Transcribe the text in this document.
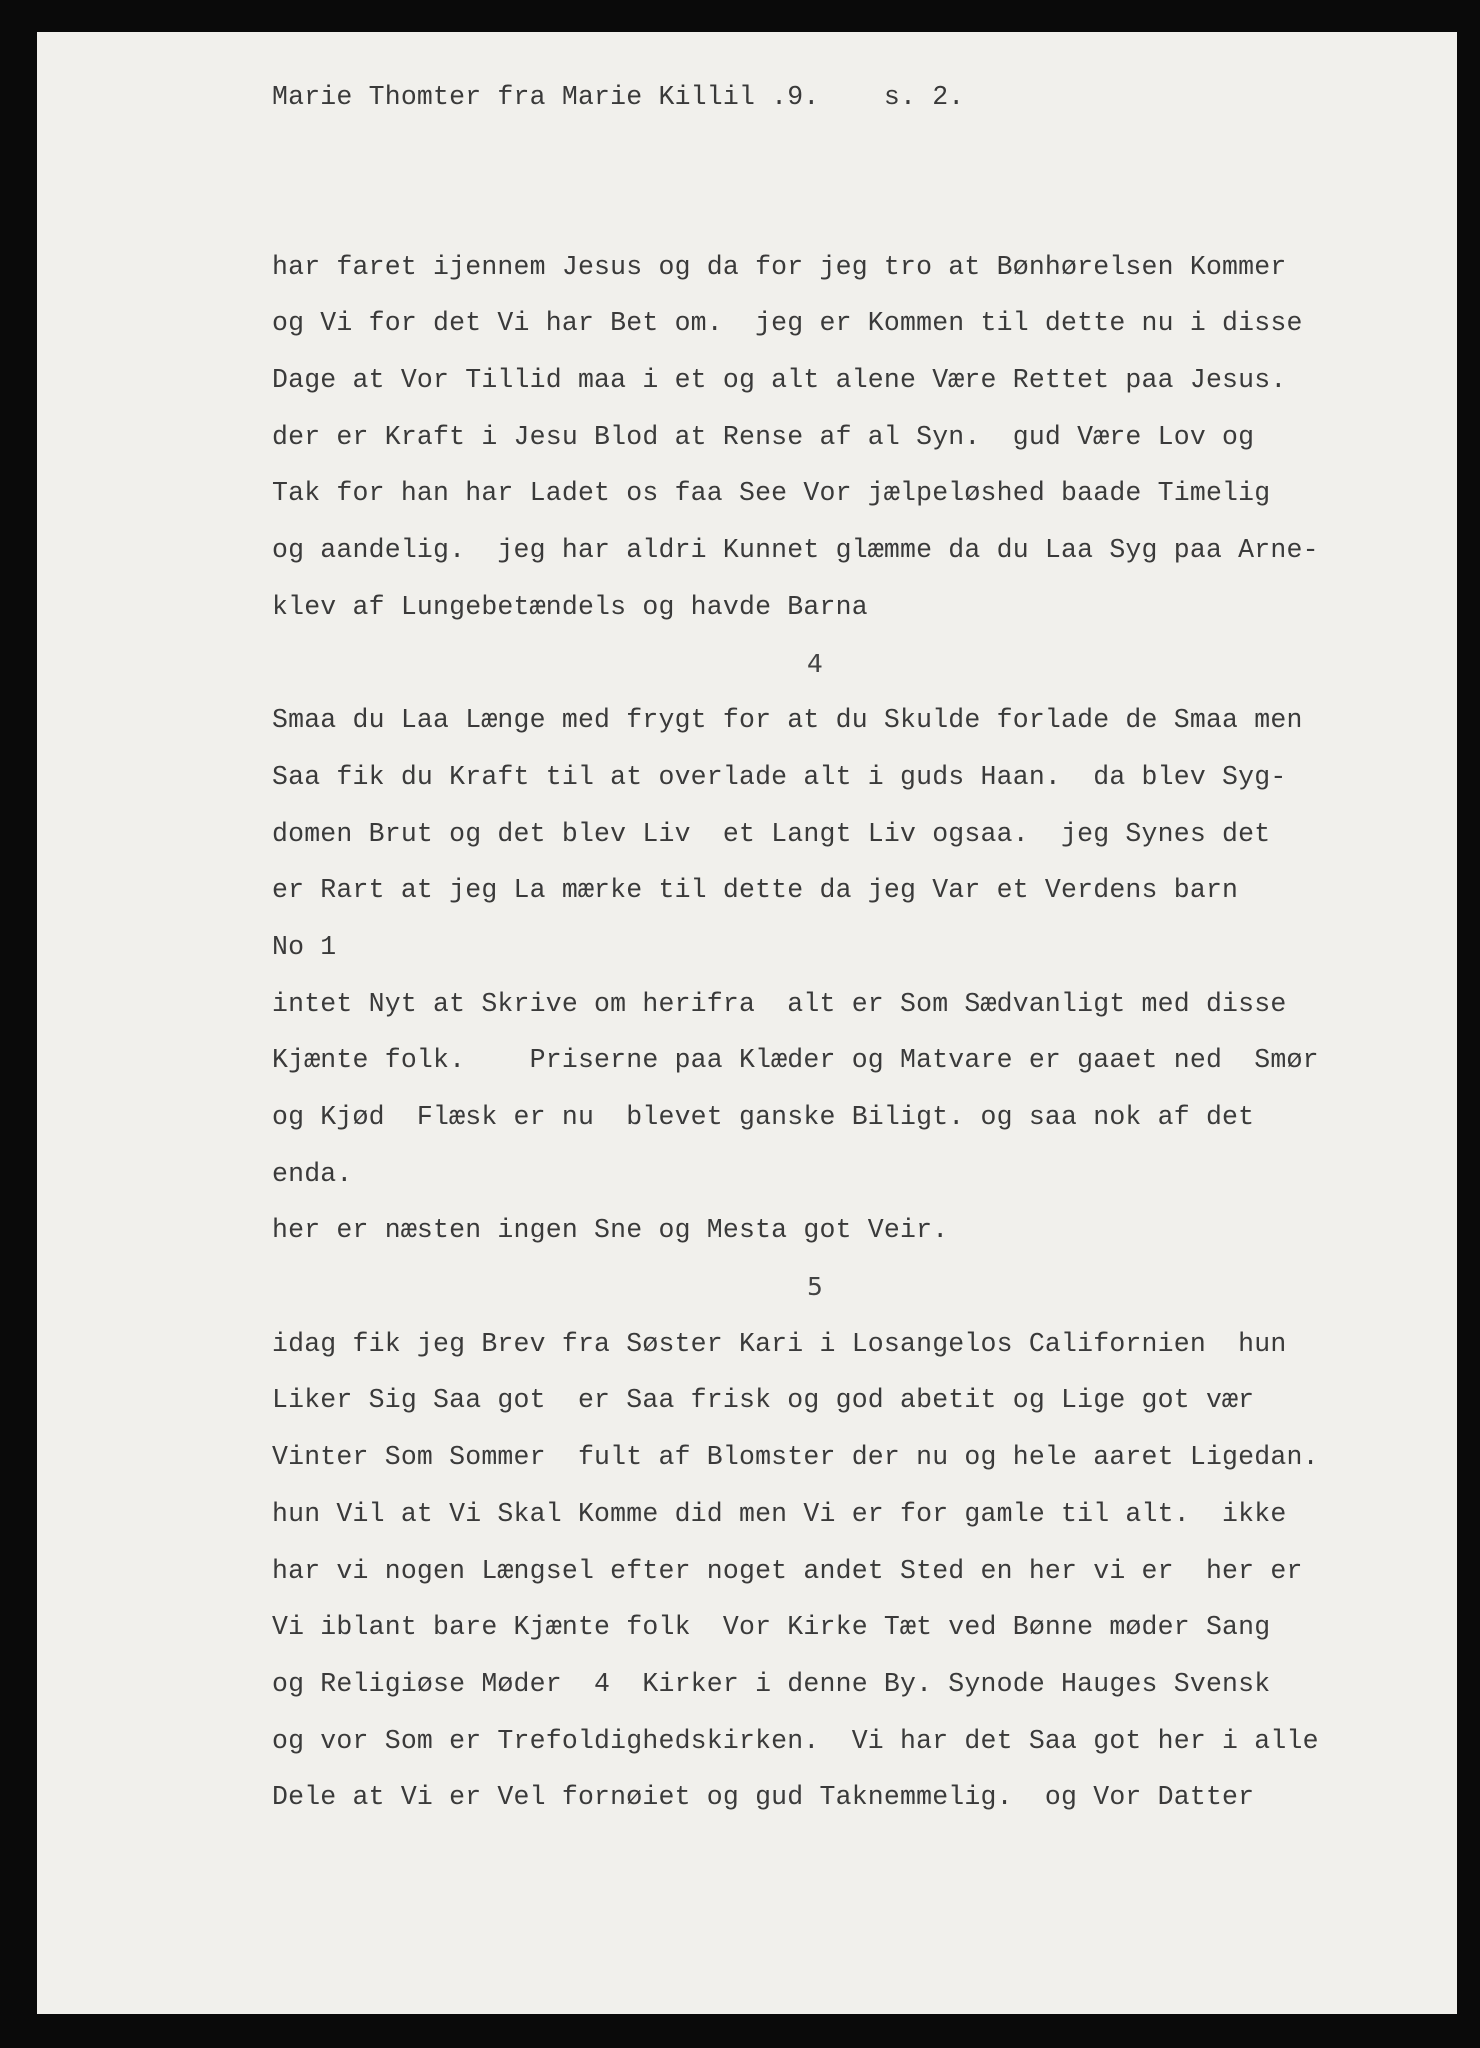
Marie Thomter fra Marie Killil .9.    s. 2.
har faret ijennem Jesus og da for jeg tro at Bønhørelsen Kommer
og Vi for det Vi har Bet om.  jeg er Kommen til dette nu i disse
Dage at Vor Tillid maa i et og alt alene Være Rettet paa Jesus.
der er Kraft i Jesu Blod at Rense af al Syn.  gud Være Lov og
Tak for han har Ladet os faa See Vor jælpeløshed baade Timelig
og aandelig.  jeg har aldri Kunnet glæmme da du Laa Syg paa Arne-
klev af Lungebetændels og havde Barna
4
Smaa du Laa Længe med frygt for at du Skulde forlade de Smaa men
Saa fik du Kraft til at overlade alt i guds Haan.  da blev Syg-
domen Brut og det blev Liv  et Langt Liv ogsaa.  jeg Synes det
er Rart at jeg La mærke til dette da jeg Var et Verdens barn
No 1
intet Nyt at Skrive om herifra  alt er Som Sædvanligt med disse
Kjænte folk.    Priserne paa Klæder og Matvare er gaaet ned  Smør
og Kjød  Flæsk er nu  blevet ganske Biligt. og saa nok af det
enda.
her er næsten ingen Sne og Mesta got Veir.
5
idag fik jeg Brev fra Søster Kari i Losangelos Californien  hun
Liker Sig Saa got  er Saa frisk og god abetit og Lige got vær
Vinter Som Sommer  fult af Blomster der nu og hele aaret Ligedan.
hun Vil at Vi Skal Komme did men Vi er for gamle til alt.  ikke
har vi nogen Længsel efter noget andet Sted en her vi er  her er
Vi iblant bare Kjænte folk  Vor Kirke Tæt ved Bønne møder Sang
og Religiøse Møder  4  Kirker i denne By. Synode Hauges Svensk
og vor Som er Trefoldighedskirken.  Vi har det Saa got her i alle
Dele at Vi er Vel fornøiet og gud Taknemmelig.  og Vor Datter
